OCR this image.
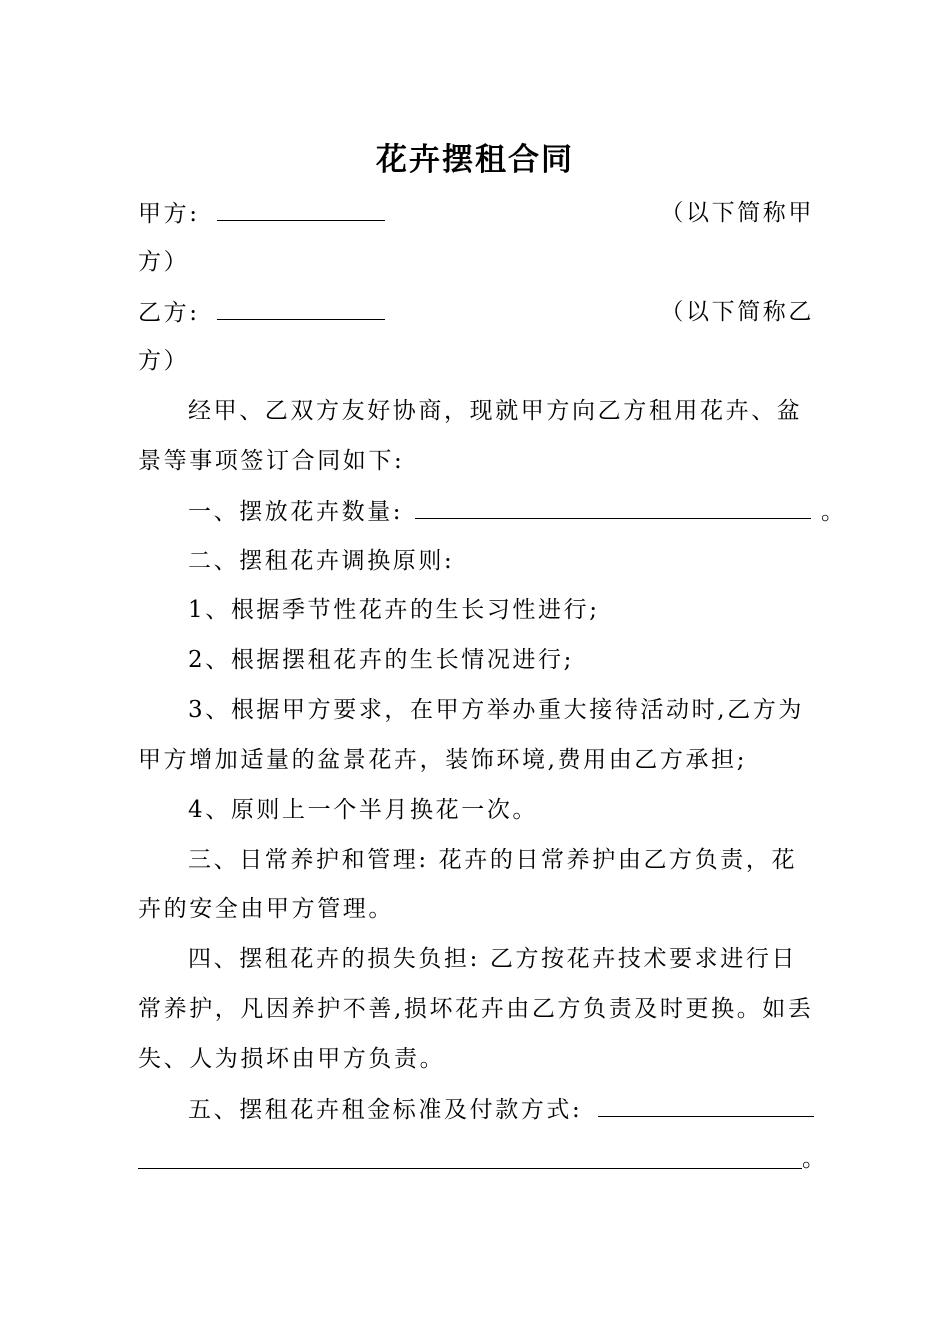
花卉摆租合同
甲方:	（以下简称甲
方）
乙方:	（以下简称乙
方）
经甲、乙双方友好协商，现就甲方向乙方租用花卉、盆
景等事项签订合同如下:
一、摆放花卉数量:	。
二、摆租花卉调换原则:
1、根据季节性花卉的生长习性进行;
2、根据摆租花卉的生长情况进行;
3、根据甲方要求，在甲方举办重大接待活动时,乙方为
甲方增加适量的盆景花卉，装饰环境,费用由乙方承担;
4、原则上一个半月换花一次。
三、日常养护和管理: 花卉的日常养护由乙方负责，花
卉的安全由甲方管理。
四、摆租花卉的损失负担: 乙方按花卉技术要求进行日
常养护，凡因养护不善,损坏花卉由乙方负责及时更换。如丢
失、人为损坏由甲方负责。
五、摆租花卉租金标准及付款方式:
。
